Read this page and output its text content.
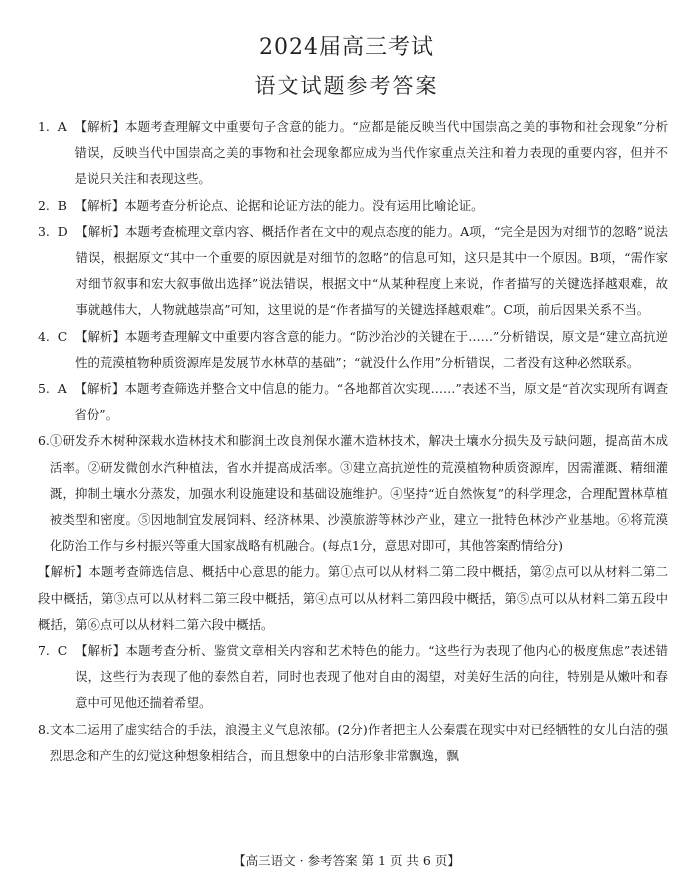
2024届高三考试
语文试题参考答案
1.  A 【解析】本题考查理解文中重要句子含意的能力。“应都是能反映当代中国崇高之美的事物和社会现象”分析错误，反映当代中国崇高之美的事物和社会现象都应成为当代作家重点关注和着力表现的重要内容，但并不是说只关注和表现这些。
2.  B 【解析】本题考查分析论点、论据和论证方法的能力。没有运用比喻论证。
3.  D 【解析】本题考查梳理文章内容、概括作者在文中的观点态度的能力。A项，“完全是因为对细节的忽略”说法错误，根据原文“其中一个重要的原因就是对细节的忽略”的信息可知，这只是其中一个原因。B项，“需作家对细节叙事和宏大叙事做出选择”说法错误，根据文中“从某种程度上来说，作者描写的关键选择越艰难，故事就越伟大，人物就越崇高”可知，这里说的是“作者描写的关键选择越艰难”。C项，前后因果关系不当。
4.  C 【解析】本题考查理解文中重要内容含意的能力。“防沙治沙的关键在于……”分析错误，原文是“建立高抗逆性的荒漠植物种质资源库是发展节水林草的基础”；“就没什么作用”分析错误，二者没有这种必然联系。
5.  A 【解析】本题考查筛选并整合文中信息的能力。“各地都首次实现……”表述不当，原文是“首次实现所有调查省份”。
6. ①研发乔木树种深栽水造林技术和膨润土改良剂保水灌木造林技术，解决土壤水分损失及亏缺问题，提高苗木成活率。②研发微创水汽种植法，省水并提高成活率。③建立高抗逆性的荒漠植物种质资源库，因需灌溉、精细灌溉，抑制土壤水分蒸发，加强水利设施建设和基础设施维护。④坚持“近自然恢复”的科学理念，合理配置林草植被类型和密度。⑤因地制宜发展饲料、经济林果、沙漠旅游等林沙产业，建立一批特色林沙产业基地。⑥将荒漠化防治工作与乡村振兴等重大国家战略有机融合。(每点1分，意思对即可，其他答案酌情给分)
【解析】本题考查筛选信息、概括中心意思的能力。第①点可以从材料二第二段中概括，第②点可以从材料二第二段中概括，第③点可以从材料二第三段中概括，第④点可以从材料二第四段中概括，第⑤点可以从材料二第五段中概括，第⑥点可以从材料二第六段中概括。
7.  C 【解析】本题考查分析、鉴赏文章相关内容和艺术特色的能力。“这些行为表现了他内心的极度焦虑”表述错误，这些行为表现了他的泰然自若，同时也表现了他对自由的渴望，对美好生活的向往，特别是从嫩叶和春意中可见他还揣着希望。
8. 文本二运用了虚实结合的手法，浪漫主义气息浓郁。(2分)作者把主人公秦震在现实中对已经牺牲的女儿白洁的强烈思念和产生的幻觉这种想象相结合，而且想象中的白洁形象非常飘逸，飘
【高三语文 · 参考答案 第 1 页 共 6 页】
